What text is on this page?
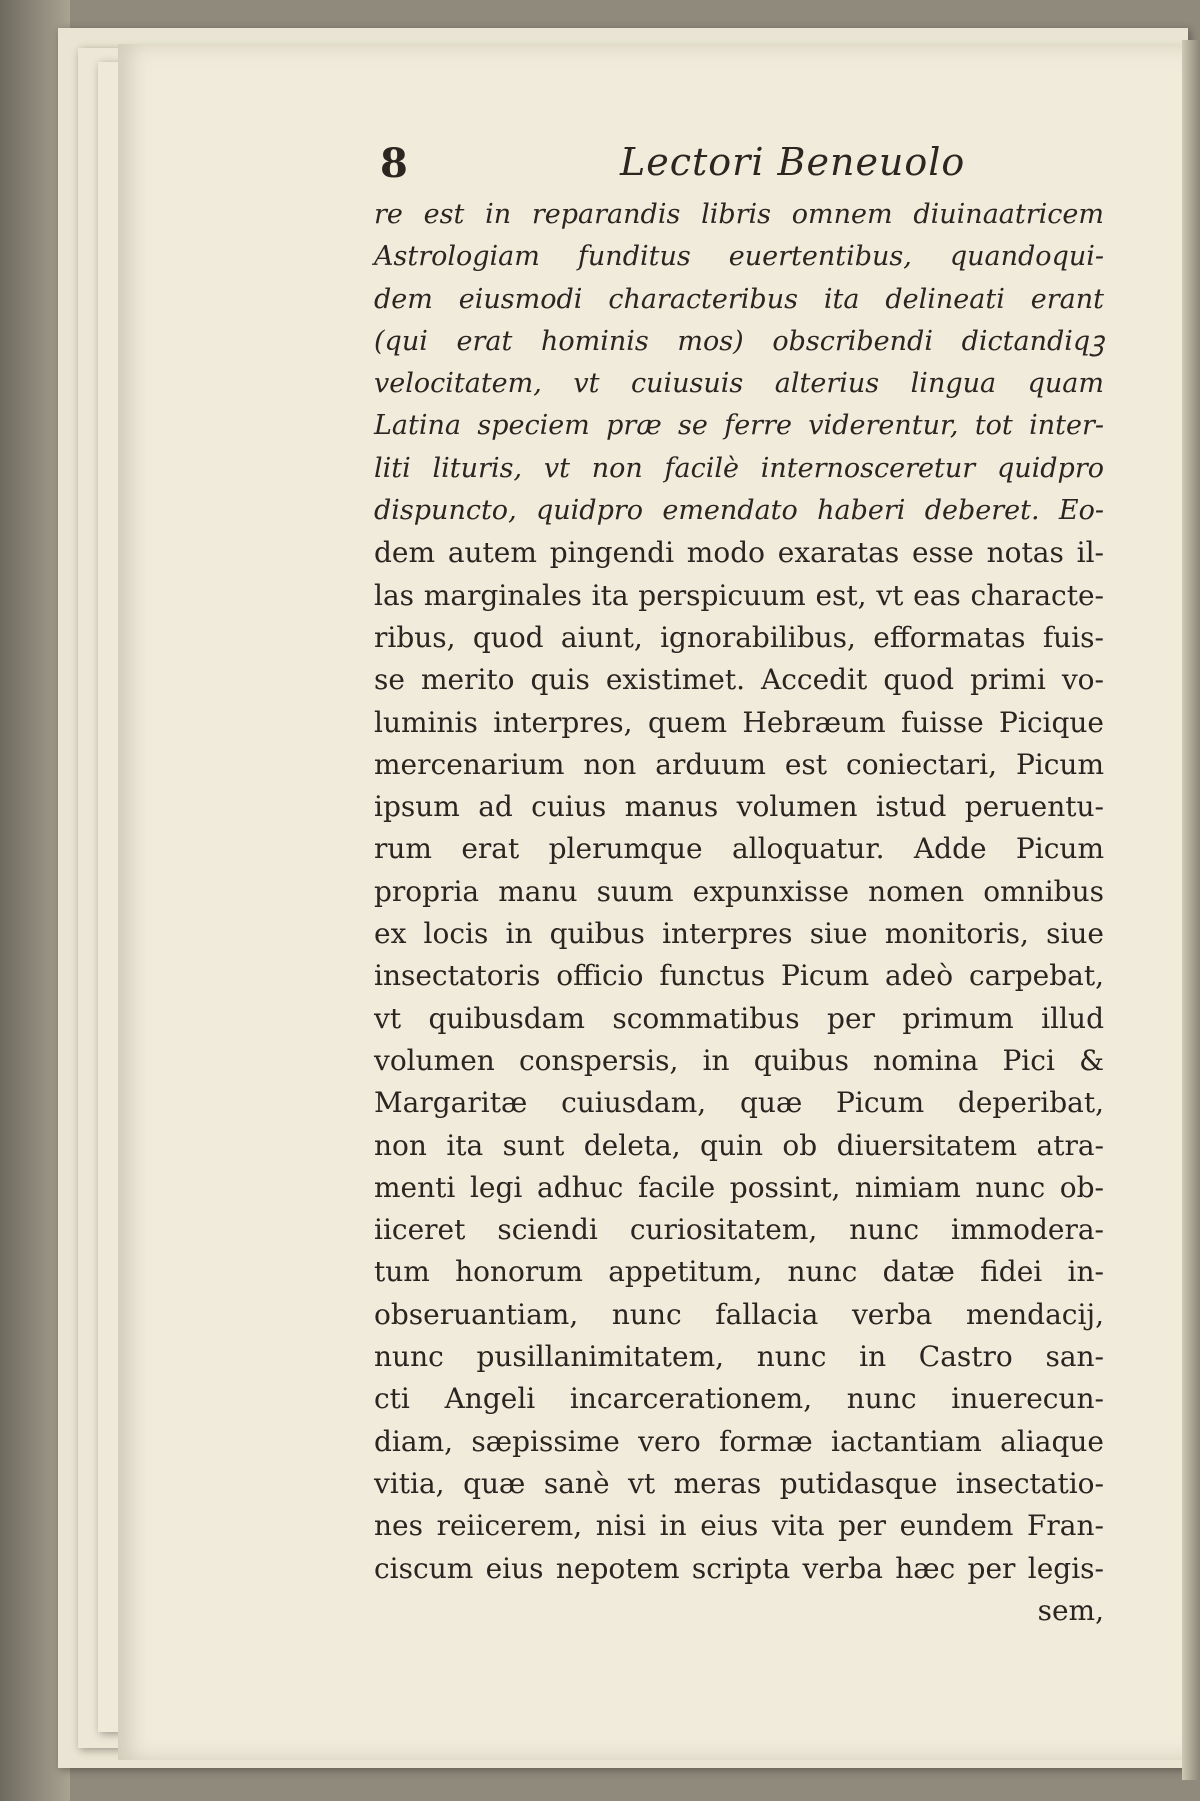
8	Lectori Beneuolo
re est in reparandis libris omnem diuinaatricem
Astrologiam funditus euertentibus, quandoqui-
dem eiusmodi characteribus ita delineati erant
(qui erat hominis mos) obscribendi dictandiqꝫ
velocitatem, vt cuiusuis alterius lingua quam
Latina speciem præ se ferre viderentur, tot inter-
liti lituris, vt non facilè internosceretur quidpro
dispuncto, quidpro emendato haberi deberet. Eo-
dem autem pingendi modo exaratas esse notas il-
las marginales ita perspicuum est, vt eas characte-
ribus, quod aiunt, ignorabilibus, efformatas fuis-
se merito quis existimet. Accedit quod primi vo-
luminis interpres, quem Hebræum fuisse Picique
mercenarium non arduum est coniectari, Picum
ipsum ad cuius manus volumen istud peruentu-
rum erat plerumque alloquatur. Adde Picum
propria manu suum expunxisse nomen omnibus
ex locis in quibus interpres siue monitoris, siue
insectatoris officio functus Picum adeò carpebat,
vt quibusdam scommatibus per primum illud
volumen conspersis, in quibus nomina Pici &
Margaritæ cuiusdam, quæ Picum deperibat,
non ita sunt deleta, quin ob diuersitatem atra-
menti legi adhuc facile possint, nimiam nunc ob-
iiceret sciendi curiositatem, nunc immodera-
tum honorum appetitum, nunc datæ fidei in-
obseruantiam, nunc fallacia verba mendacij,
nunc pusillanimitatem, nunc in Castro san-
cti Angeli incarcerationem, nunc inuerecun-
diam, sæpissime vero formæ iactantiam aliaque
vitia, quæ sanè vt meras putidasque insectatio-
nes reiicerem, nisi in eius vita per eundem Fran-
ciscum eius nepotem scripta verba hæc per legis-
sem,
